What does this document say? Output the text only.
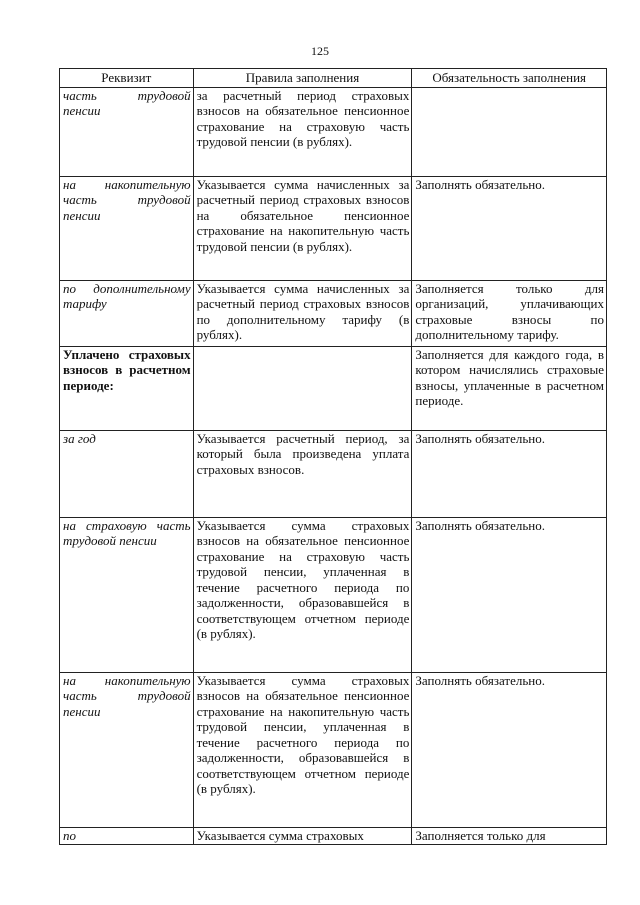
125
Реквизит	Правила заполнения	Обязательность заполнения
часть трудовой пенсии	за расчетный период страховых взносов на обязательное пенсионное страхование на страховую часть трудовой пенсии (в рублях).	
на накопительную часть трудовой пенсии	Указывается сумма начисленных за расчетный период страховых взносов на обязательное пенсионное страхование на накопительную часть трудовой пенсии (в рублях).	Заполнять обязательно.
по дополнительному тарифу	Указывается сумма начисленных за расчетный период страховых взносов по дополнительному тарифу (в рублях).	Заполняется только для организаций, уплачивающих страховые взносы по дополнительному тарифу.
Уплачено страховых взносов в расчетном периоде:		Заполняется для каждого года, в котором начислялись страховые взносы, уплаченные в расчетном периоде.
за год	Указывается расчетный период, за который была произведена уплата страховых взносов.	Заполнять обязательно.
на страховую часть трудовой пенсии	Указывается сумма страховых взносов на обязательное пенсионное страхование на страховую часть трудовой пенсии, уплаченная в течение расчетного периода по задолженности, образовавшейся в соответствующем отчетном периоде (в рублях).	Заполнять обязательно.
на накопительную часть трудовой пенсии	Указывается сумма страховых взносов на обязательное пенсионное страхование на накопительную часть трудовой пенсии, уплаченная в течение расчетного периода по задолженности, образовавшейся в соответствующем отчетном периоде (в рублях).	Заполнять обязательно.
по	Указывается сумма страховых	Заполняется только для
